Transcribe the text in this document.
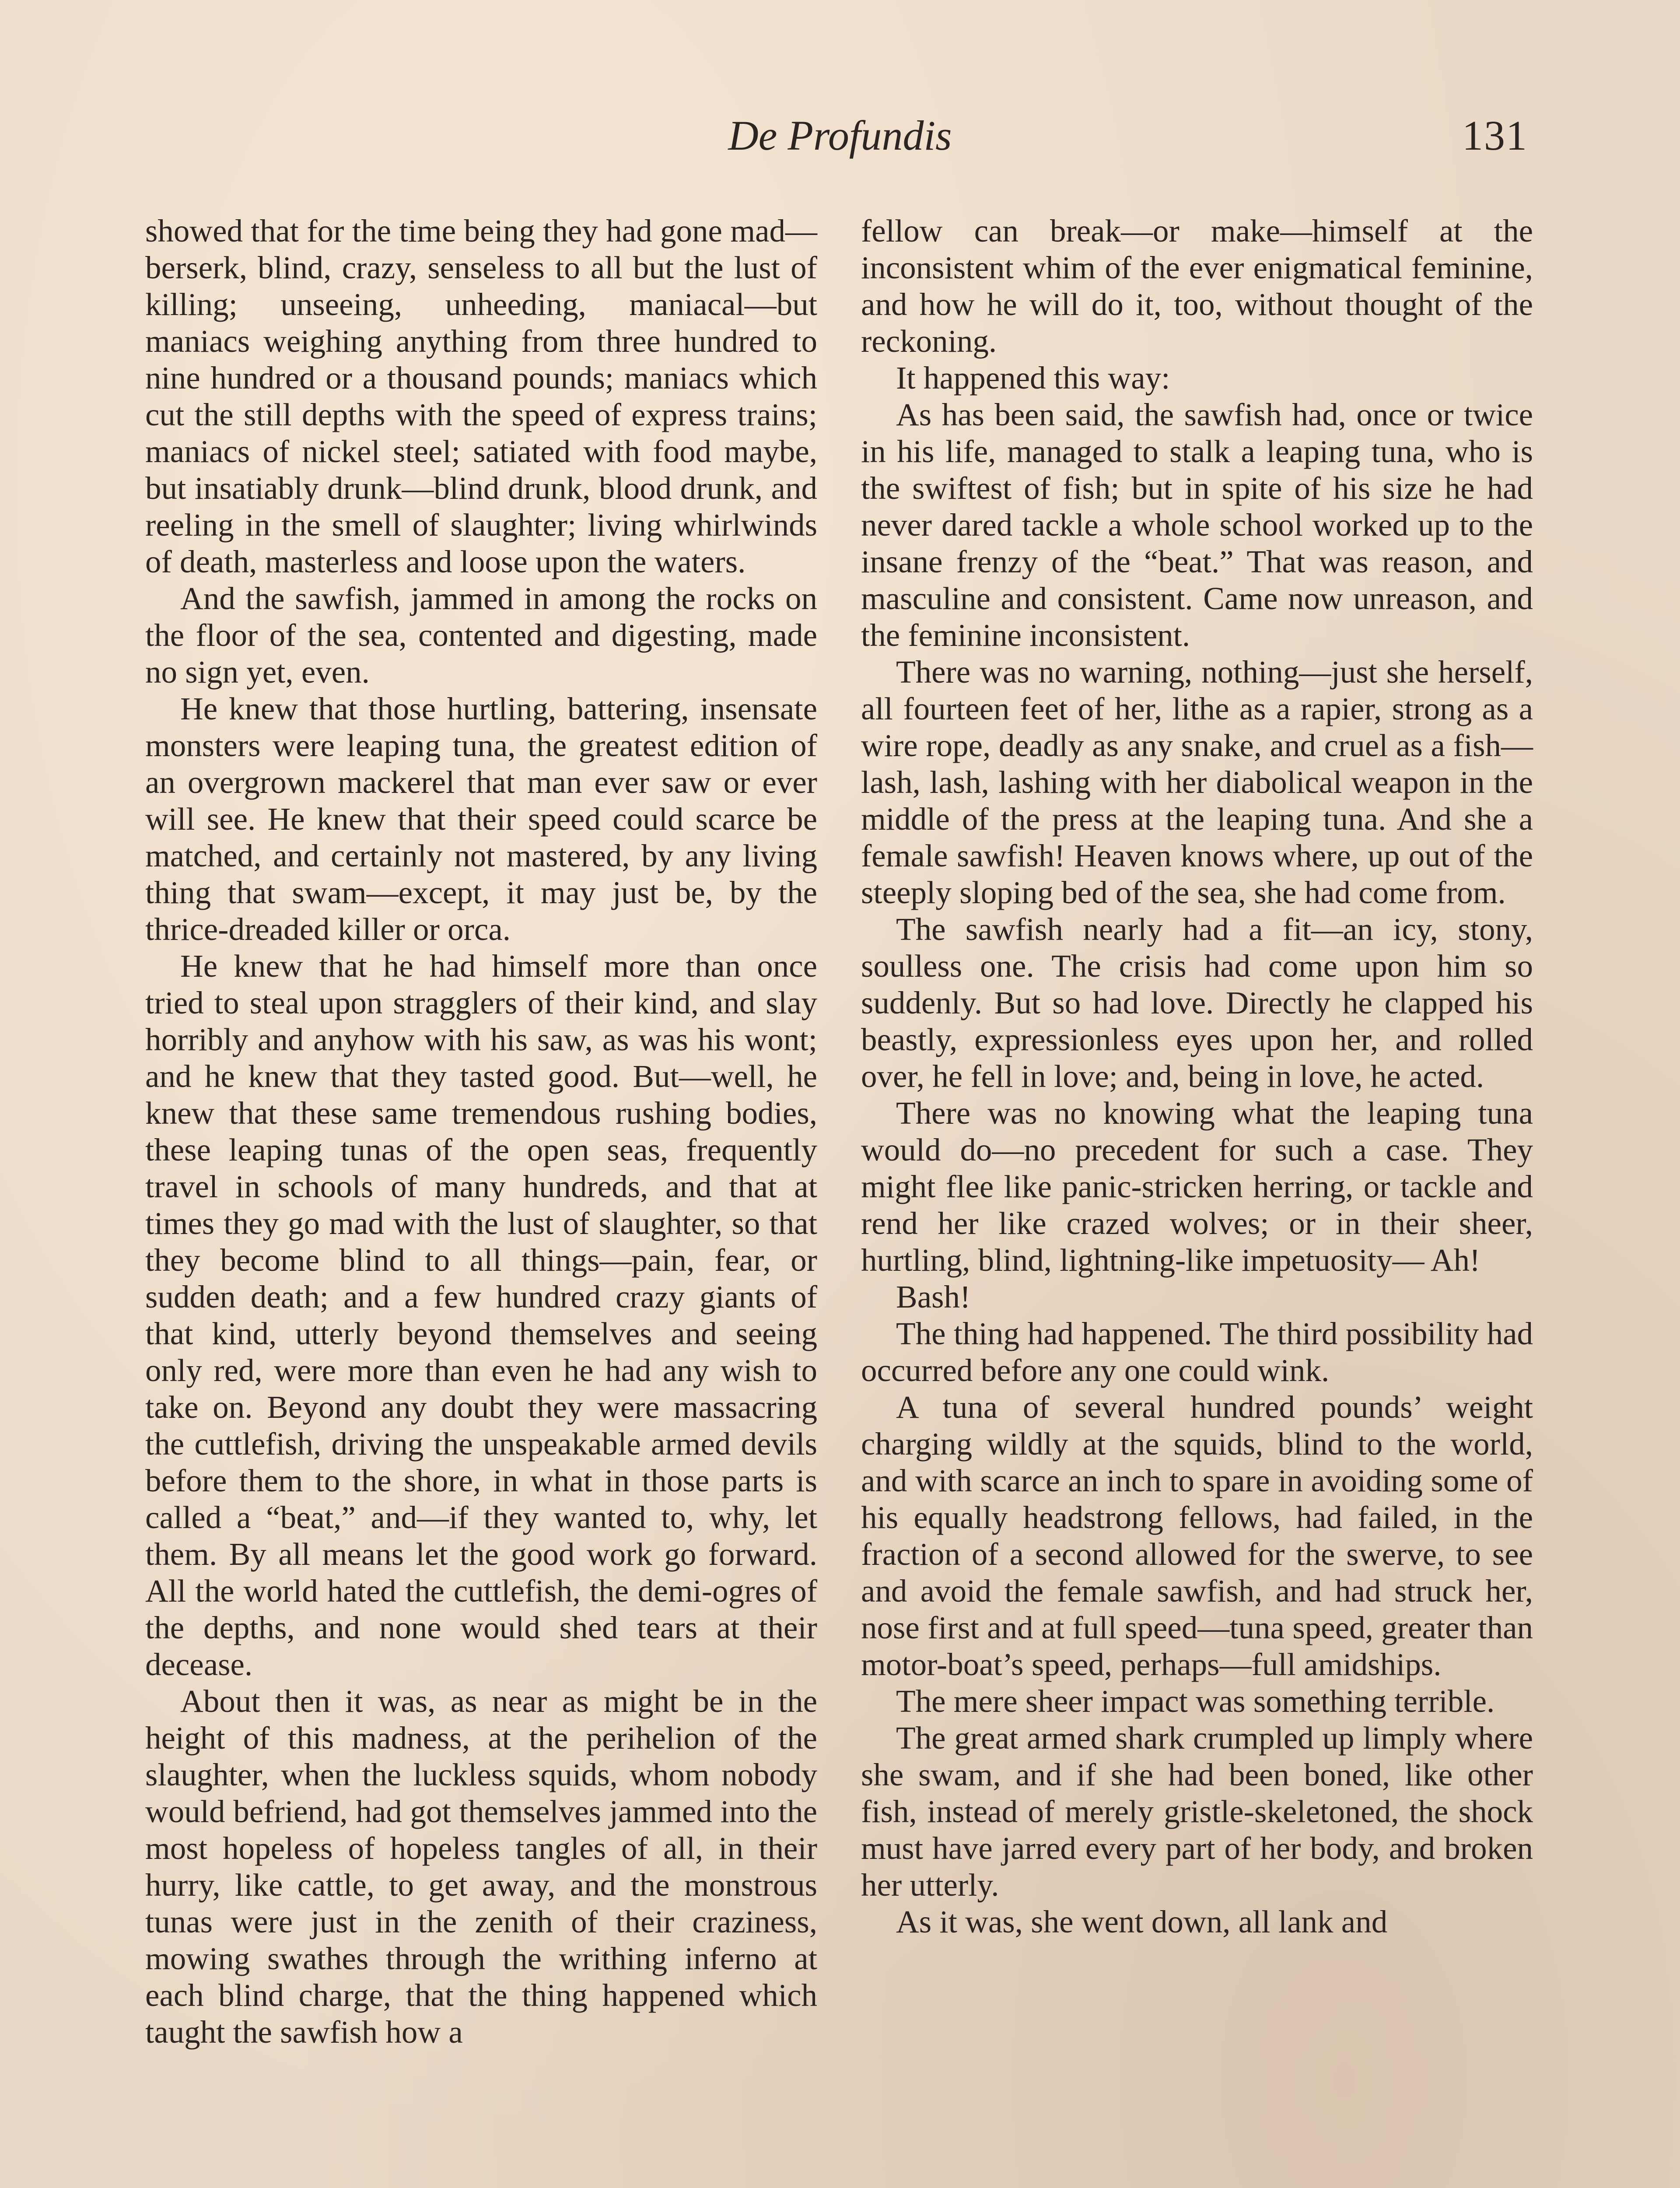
De Profundis	131

showed that for the time being they had gone mad—berserk, blind, crazy, senseless to all but the lust of killing; unseeing, unheeding, maniacal—but maniacs weighing anything from three hundred to nine hundred or a thousand pounds; maniacs which cut the still depths with the speed of express trains; maniacs of nickel steel; satiated with food maybe, but insatiably drunk—blind drunk, blood drunk, and reeling in the smell of slaughter; living whirlwinds of death, masterless and loose upon the waters.

And the sawfish, jammed in among the rocks on the floor of the sea, contented and digesting, made no sign yet, even.

He knew that those hurtling, battering, insensate monsters were leaping tuna, the greatest edition of an overgrown mackerel that man ever saw or ever will see. He knew that their speed could scarce be matched, and certainly not mastered, by any living thing that swam—except, it may just be, by the thrice-dreaded killer or orca.

He knew that he had himself more than once tried to steal upon stragglers of their kind, and slay horribly and anyhow with his saw, as was his wont; and he knew that they tasted good. But—well, he knew that these same tremendous rushing bodies, these leaping tunas of the open seas, frequently travel in schools of many hundreds, and that at times they go mad with the lust of slaughter, so that they become blind to all things—pain, fear, or sudden death; and a few hundred crazy giants of that kind, utterly beyond themselves and seeing only red, were more than even he had any wish to take on. Beyond any doubt they were massacring the cuttlefish, driving the unspeakable armed devils before them to the shore, in what in those parts is called a “beat,” and—if they wanted to, why, let them. By all means let the good work go forward. All the world hated the cuttlefish, the demi-ogres of the depths, and none would shed tears at their decease.

About then it was, as near as might be in the height of this madness, at the perihelion of the slaughter, when the luckless squids, whom nobody would befriend, had got themselves jammed into the most hopeless of hopeless tangles of all, in their hurry, like cattle, to get away, and the monstrous tunas were just in the zenith of their craziness, mowing swathes through the writhing inferno at each blind charge, that the thing happened which taught the sawfish how a

fellow can break—or make—himself at the inconsistent whim of the ever enigmatical feminine, and how he will do it, too, without thought of the reckoning.

It happened this way:

As has been said, the sawfish had, once or twice in his life, managed to stalk a leaping tuna, who is the swiftest of fish; but in spite of his size he had never dared tackle a whole school worked up to the insane frenzy of the “beat.” That was reason, and masculine and consistent. Came now unreason, and the feminine inconsistent.

There was no warning, nothing—just she herself, all fourteen feet of her, lithe as a rapier, strong as a wire rope, deadly as any snake, and cruel as a fish—lash, lash, lashing with her diabolical weapon in the middle of the press at the leaping tuna. And she a female sawfish! Heaven knows where, up out of the steeply sloping bed of the sea, she had come from.

The sawfish nearly had a fit—an icy, stony, soulless one. The crisis had come upon him so suddenly. But so had love. Directly he clapped his beastly, expressionless eyes upon her, and rolled over, he fell in love; and, being in love, he acted.

There was no knowing what the leaping tuna would do—no precedent for such a case. They might flee like panic-stricken herring, or tackle and rend her like crazed wolves; or in their sheer, hurtling, blind, lightning-like impetuosity— Ah!

Bash!

The thing had happened. The third possibility had occurred before any one could wink.

A tuna of several hundred pounds’ weight charging wildly at the squids, blind to the world, and with scarce an inch to spare in avoiding some of his equally headstrong fellows, had failed, in the fraction of a second allowed for the swerve, to see and avoid the female sawfish, and had struck her, nose first and at full speed—tuna speed, greater than motor-boat’s speed, perhaps—full amidships.

The mere sheer impact was something terrible.

The great armed shark crumpled up limply where she swam, and if she had been boned, like other fish, instead of merely gristle-skeletoned, the shock must have jarred every part of her body, and broken her utterly.

As it was, she went down, all lank and
